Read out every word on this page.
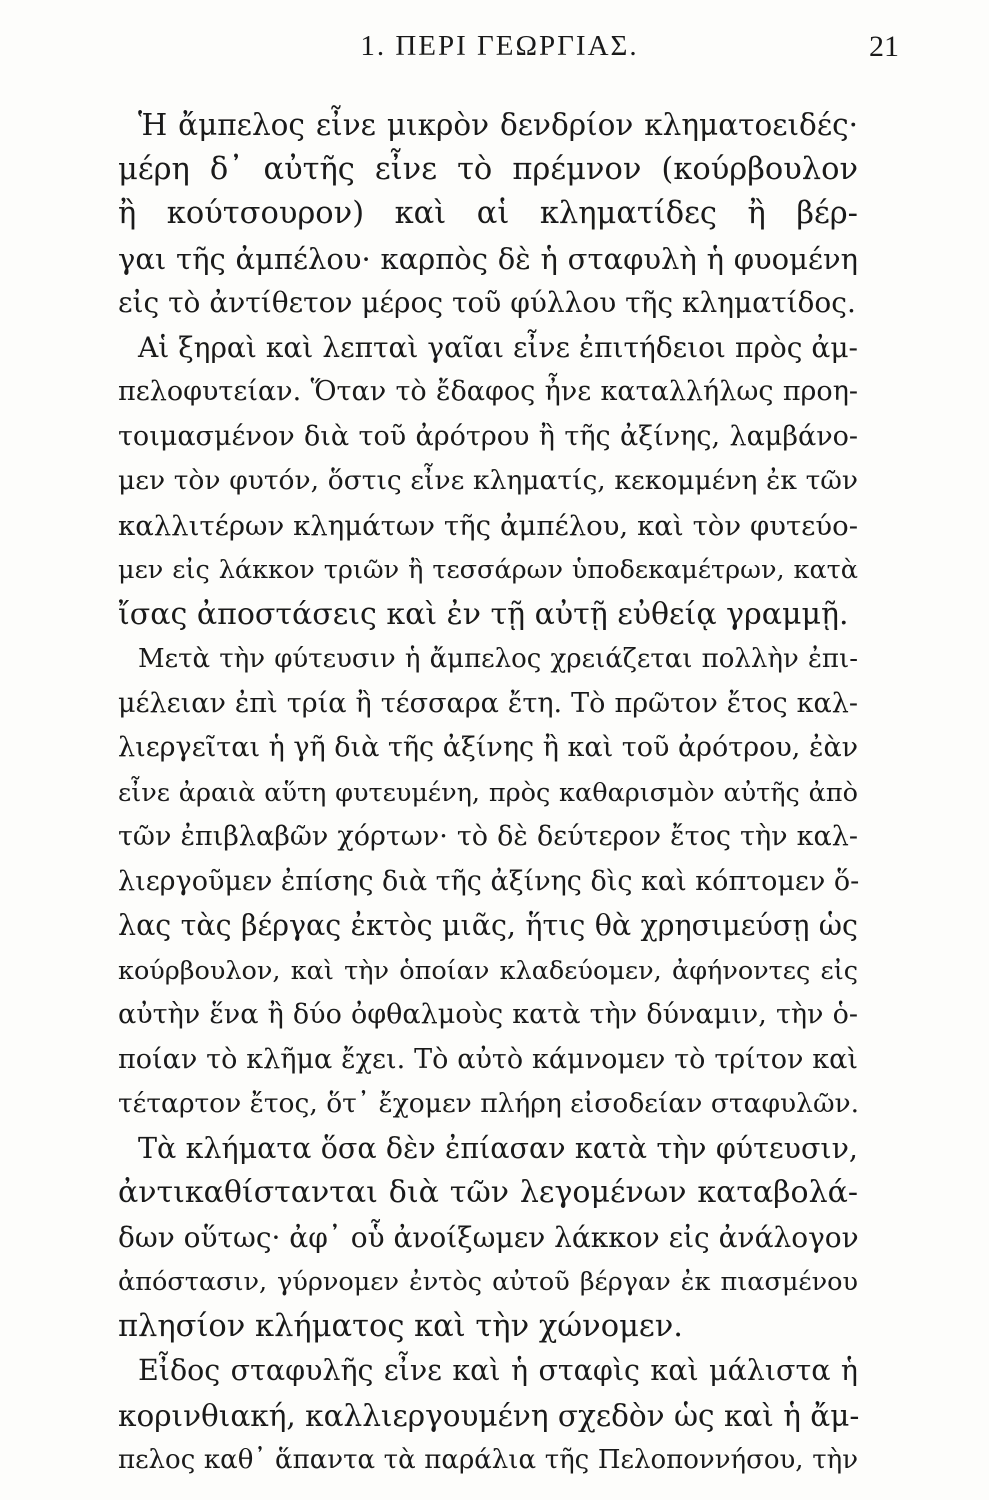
1. ΠΕΡΙ ΓΕΩΡΓΙΑΣ.	21
Ἡ ἄμπελος εἶνε μικρὸν δενδρίον κληματοειδές·
μέρη δ᾽ αὐτῆς εἶνε τὸ πρέμνον (κούρβουλον
ἢ κούτσουρον) καὶ αἱ κληματίδες ἢ βέρ-
γαι τῆς ἀμπέλου· καρπὸς δὲ ἡ σταφυλὴ ἡ φυομένη
εἰς τὸ ἀντίθετον μέρος τοῦ φύλλου τῆς κληματίδος.
Αἱ ξηραὶ καὶ λεπταὶ γαῖαι εἶνε ἐπιτήδειοι πρὸς ἀμ-
πελοφυτείαν. Ὅταν τὸ ἔδαφος ἦνε καταλλήλως προη-
τοιμασμένον διὰ τοῦ ἀρότρου ἢ τῆς ἀξίνης, λαμβάνο-
μεν τὸν φυτόν, ὅστις εἶνε κληματίς, κεκομμένη ἐκ τῶν
καλλιτέρων κλημάτων τῆς ἀμπέλου, καὶ τὸν φυτεύο-
μεν εἰς λάκκον τριῶν ἢ τεσσάρων ὑποδεκαμέτρων, κατὰ
ἴσας ἀποστάσεις καὶ ἐν τῇ αὐτῇ εὐθείᾳ γραμμῇ.
Μετὰ τὴν φύτευσιν ἡ ἄμπελος χρειάζεται πολλὴν ἐπι-
μέλειαν ἐπὶ τρία ἢ τέσσαρα ἔτη. Τὸ πρῶτον ἔτος καλ-
λιεργεῖται ἡ γῆ διὰ τῆς ἀξίνης ἢ καὶ τοῦ ἀρότρου, ἐὰν
εἶνε ἀραιὰ αὕτη φυτευμένη, πρὸς καθαρισμὸν αὐτῆς ἀπὸ
τῶν ἐπιβλαβῶν χόρτων· τὸ δὲ δεύτερον ἔτος τὴν καλ-
λιεργοῦμεν ἐπίσης διὰ τῆς ἀξίνης δὶς καὶ κόπτομεν ὅ-
λας τὰς βέργας ἐκτὸς μιᾶς, ἥτις θὰ χρησιμεύσῃ ὡς
κούρβουλον, καὶ τὴν ὁποίαν κλαδεύομεν, ἀφήνοντες εἰς
αὐτὴν ἕνα ἢ δύο ὀφθαλμοὺς κατὰ τὴν δύναμιν, τὴν ὁ-
ποίαν τὸ κλῆμα ἔχει. Τὸ αὐτὸ κάμνομεν τὸ τρίτον καὶ
τέταρτον ἔτος, ὅτ᾽ ἔχομεν πλήρη εἰσοδείαν σταφυλῶν.
Τὰ κλήματα ὅσα δὲν ἐπίασαν κατὰ τὴν φύτευσιν,
ἀντικαθίστανται διὰ τῶν λεγομένων καταβολά-
δων οὕτως· ἀφ᾽ οὗ ἀνοίξωμεν λάκκον εἰς ἀνάλογον
ἀπόστασιν, γύρνομεν ἐντὸς αὐτοῦ βέργαν ἐκ πιασμένου
πλησίον κλήματος καὶ τὴν χώνομεν.
Εἶδος σταφυλῆς εἶνε καὶ ἡ σταφὶς καὶ μάλιστα ἡ
κορινθιακή, καλλιεργουμένη σχεδὸν ὡς καὶ ἡ ἄμ-
πελος καθ᾽ ἅπαντα τὰ παράλια τῆς Πελοποννήσου, τὴν
